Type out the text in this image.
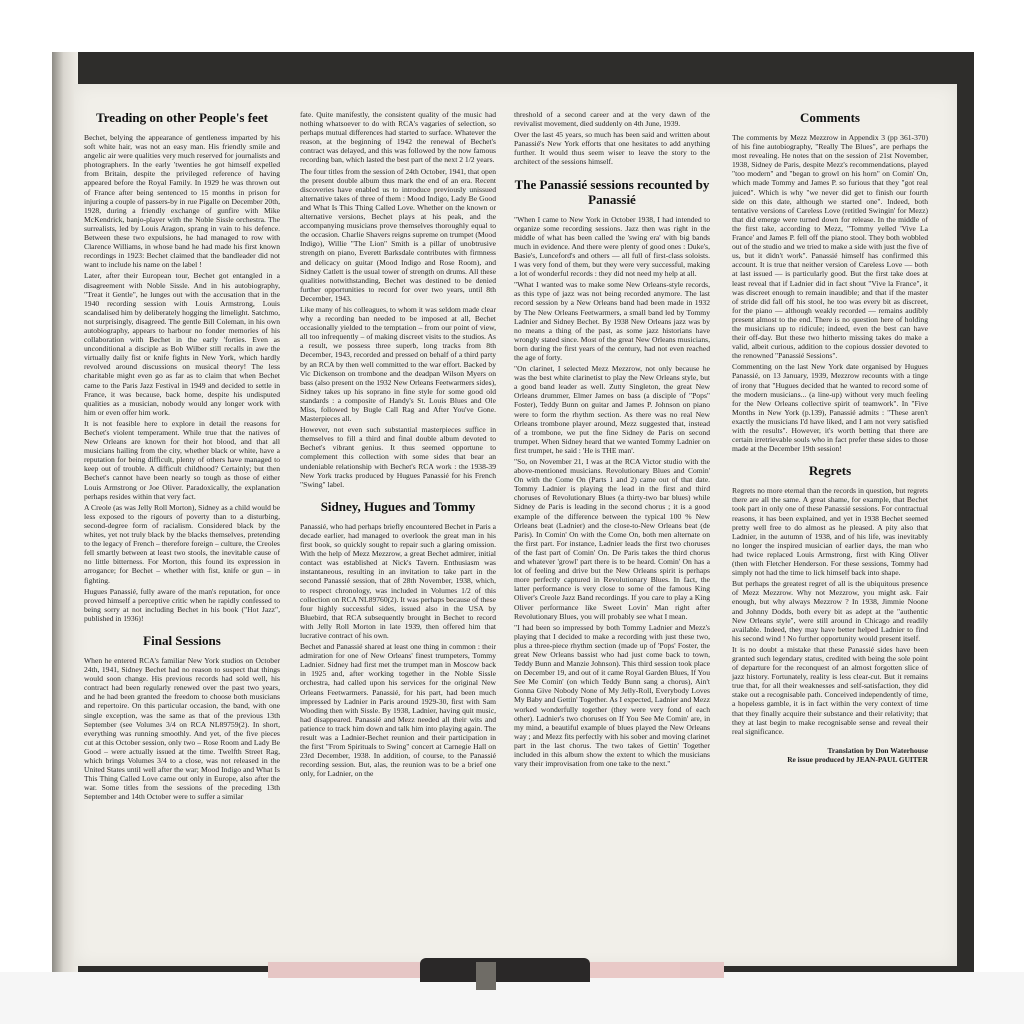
Treading on other People's feet

Bechet, belying the appearance of gentleness imparted by his soft white hair, was not an easy man. His friendly smile and angelic air were qualities very much reserved for journalists and photographers. In the early 'twenties he got himself expelled from Britain, despite the privileged reference of having appeared before the Royal Family. In 1929 he was thrown out of France after being sentenced to 15 months in prison for injuring a couple of passers-by in rue Pigalle on December 20th, 1928, during a friendly exchange of gunfire with Mike McKendrick, banjo-player with the Noble Sissle orchestra. The surrealists, led by Louis Aragon, sprang in vain to his defence. Between these two expulsions, he had managed to row with Clarence Williams, in whose band he had made his first known recordings in 1923: Bechet claimed that the bandleader did not want to include his name on the label !

Later, after their European tour, Bechet got entangled in a disagreement with Noble Sissle. And in his autobiography, "Treat it Gentle", he lunges out with the accusation that in the 1940 recording session with Louis Armstrong, Louis scandalised him by deliberately hogging the limelight. Satchmo, not surprisingly, disagreed. The gentle Bill Coleman, in his own autobiography, appears to harbour no fonder memories of his collaboration with Bechet in the early 'forties. Even as unconditional a disciple as Bob Wilber still recalls in awe the virtually daily fist or knife fights in New York, which hardly revolved around discussions on musical theory! The less charitable might even go as far as to claim that when Bechet came to the Paris Jazz Festival in 1949 and decided to settle in France, it was because, back home, despite his undisputed qualities as a musician, nobody would any longer work with him or even offer him work.

It is not feasible here to explore in detail the reasons for Bechet's violent temperament. While true that the natives of New Orleans are known for their hot blood, and that all musicians hailing from the city, whether black or white, have a reputation for being difficult, plenty of others have managed to keep out of trouble. A difficult childhood? Certainly; but then Bechet's cannot have been nearly so tough as those of either Louis Armstrong or Joe Oliver. Paradoxically, the explanation perhaps resides within that very fact.

A Creole (as was Jelly Roll Morton), Sidney as a child would be less exposed to the rigours of poverty than to a disturbing, second-degree form of racialism. Considered black by the whites, yet not truly black by the blacks themselves, pretending to the legacy of French – therefore foreign – culture, the Creoles fell smartly between at least two stools, the inevitable cause of no little bitterness. For Morton, this found its expression in arrogance; for Bechet – whether with fist, knife or gun – in fighting.

Hugues Panassié, fully aware of the man's reputation, for once proved himself a perceptive critic when he rapidly confessed to being sorry at not including Bechet in his book ("Hot Jazz", published in 1936)!

Final Sessions

When he entered RCA's familiar New York studios on October 24th, 1941, Sidney Bechet had no reason to suspect that things would soon change. His previous records had sold well, his contract had been regularly renewed over the past two years, and he had been granted the freedom to choose both musicians and repertoire. On this particular occasion, the band, with one single exception, was the same as that of the previous 13th September (see Volumes 3/4 on RCA NL89759(2). In short, everything was running smoothly. And yet, of the five pieces cut at this October session, only two – Rose Room and Lady Be Good – were actually issued at the time. Twelfth Street Rag, which brings Volumes 3/4 to a close, was not released in the United States until well after the war; Mood Indigo and What Is This Thing Called Love came out only in Europe, also after the war. Some titles from the sessions of the preceding 13th September and 14th October were to suffer a similar

fate. Quite manifestly, the consistent quality of the music had nothing whatsoever to do with RCA's vagaries of selection, so perhaps mutual differences had started to surface. Whatever the reason, at the beginning of 1942 the renewal of Bechet's contract was delayed, and this was followed by the now famous recording ban, which lasted the best part of the next 2 1/2 years.

The four titles from the session of 24th October, 1941, that open the present double album thus mark the end of an era. Recent discoveries have enabled us to introduce previously unissued alternative takes of three of them : Mood Indigo, Lady Be Good and What Is This Thing Called Love. Whether on the known or alternative versions, Bechet plays at his peak, and the accompanying musicians prove themselves thoroughly equal to the occasion. Charlie Shavers reigns supreme on trumpet (Mood Indigo), Willie "The Lion" Smith is a pillar of unobtrusive strength on piano, Everett Barksdale contributes with firmness and delicacy on guitar (Mood Indigo and Rose Room), and Sidney Catlett is the usual tower of strength on drums. All these qualities notwithstanding, Bechet was destined to be denied further opportunities to record for over two years, until 8th December, 1943.

Like many of his colleagues, to whom it was seldom made clear why a recording ban needed to be imposed at all, Bechet occasionally yielded to the temptation – from our point of view, all too infrequently – of making discreet visits to the studios. As a result, we possess three superb, long tracks from 8th December, 1943, recorded and pressed on behalf of a third party by an RCA by then well committed to the war effort. Backed by Vic Dickenson on trombone and the deadpan Wilson Myers on bass (also present on the 1932 New Orleans Feetwarmers sides), Sidney takes up his soprano in fine style for some good old standards : a composite of Handy's St. Louis Blues and Ole Miss, followed by Bugle Call Rag and After You've Gone. Masterpieces all.

However, not even such substantial masterpieces suffice in themselves to fill a third and final double album devoted to Bechet's vibrant genius. It thus seemed opportune to complement this collection with some sides that bear an undeniable relationship with Bechet's RCA work : the 1938-39 New York tracks produced by Hugues Panassié for his French "Swing" label.

Sidney, Hugues and Tommy

Panassié, who had perhaps briefly encountered Bechet in Paris a decade earlier, had managed to overlook the great man in his first book, so quickly sought to repair such a glaring omission. With the help of Mezz Mezzrow, a great Bechet admirer, initial contact was established at Nick's Tavern. Enthusiasm was instantaneous, resulting in an invitation to take part in the second Panassié session, that of 28th November, 1938, which, to respect chronology, was included in Volumes 1/2 of this collection on RCA NL89760(2). It was perhaps because of these four highly successful sides, issued also in the USA by Bluebird, that RCA subsequently brought in Bechet to record with Jelly Roll Morton in late 1939, then offered him that lucrative contract of his own.

Bechet and Panassié shared at least one thing in common : their admiration for one of New Orleans' finest trumpeters, Tommy Ladnier. Sidney had first met the trumpet man in Moscow back in 1925 and, after working together in the Noble Sissle orchestra, had called upon his services for the original New Orleans Feetwarmers. Panassié, for his part, had been much impressed by Ladnier in Paris around 1929-30, first with Sam Wooding then with Sissle. By 1938, Ladnier, having quit music, had disappeared. Panassié and Mezz needed all their wits and patience to track him down and talk him into playing again. The result was a Ladnier-Bechet reunion and their participation in the first "From Spirituals to Swing" concert at Carnegie Hall on 23rd December, 1938. In addition, of course, to the Panassié recording session. But, alas, the reunion was to be a brief one only, for Ladnier, on the

threshold of a second career and at the very dawn of the revivalist movement, died suddenly on 4th June, 1939.

Over the last 45 years, so much has been said and written about Panassié's New York efforts that one hesitates to add anything further. It would thus seem wiser to leave the story to the architect of the sessions himself.

The Panassié sessions recounted by Panassié

"When I came to New York in October 1938, I had intended to organize some recording sessions. Jazz then was right in the middle of what has been called the 'swing era' with big bands much in evidence. And there were plenty of good ones : Duke's, Basie's, Lunceford's and others — all full of first-class soloists. I was very fond of them, but they were very successful, making a lot of wonderful records : they did not need my help at all.

"What I wanted was to make some New Orleans-style records, as this type of jazz was not being recorded anymore. The last record session by a New Orleans band had been made in 1932 by The New Orleans Feetwarmers, a small band led by Tommy Ladnier and Sidney Bechet. By 1938 New Orleans jazz was by no means a thing of the past, as some jazz historians have wrongly stated since. Most of the great New Orleans musicians, born during the first years of the century, had not even reached the age of forty.

"On clarinet, I selected Mezz Mezzrow, not only because he was the best white clarinetist to play the New Orleans style, but a good band leader as well. Zutty Singleton, the great New Orleans drummer, Elmer James on bass (a disciple of "Pops" Foster), Teddy Bunn on guitar and James P. Johnson on piano were to form the rhythm section. As there was no real New Orleans trombone player around, Mezz suggested that, instead of a trombone, we put the fine Sidney de Paris on second trumpet. When Sidney heard that we wanted Tommy Ladnier on first trumpet, he said : 'He is THE man'.

"So, on November 21, I was at the RCA Victor studio with the above-mentioned musicians. Revolutionary Blues and Comin' On with the Come On (Parts 1 and 2) came out of that date. Tommy Ladnier is playing the lead in the first and third choruses of Revolutionary Blues (a thirty-two bar blues) while Sidney de Paris is leading in the second chorus ; it is a good example of the difference between the typical 100 % New Orleans beat (Ladnier) and the close-to-New Orleans beat (de Paris). In Comin' On with the Come On, both men alternate on the first part. For instance, Ladnier leads the first two choruses of the fast part of Comin' On. De Paris takes the third chorus and whatever 'growl' part there is to be heard. Comin' On has a lot of feeling and drive but the New Orleans spirit is perhaps more perfectly captured in Revolutionary Blues. In fact, the latter performance is very close to some of the famous King Oliver's Creole Jazz Band recordings. If you care to play a King Oliver performance like Sweet Lovin' Man right after Revolutionary Blues, you will probably see what I mean.

"I had been so impressed by both Tommy Ladnier and Mezz's playing that I decided to make a recording with just these two, plus a three-piece rhythm section (made up of 'Pops' Foster, the great New Orleans bassist who had just come back to town, Teddy Bunn and Manzie Johnson). This third session took place on December 19, and out of it came Royal Garden Blues, If You See Me Comin' (on which Teddy Bunn sang a chorus), Ain't Gonna Give Nobody None of My Jelly-Roll, Everybody Loves My Baby and Gettin' Together. As I expected, Ladnier and Mezz worked wonderfully together (they were very fond of each other). Ladnier's two choruses on If You See Me Comin' are, in my mind, a beautiful example of blues played the New Orleans way ; and Mezz fits perfectly with his sober and moving clarinet part in the last chorus. The two takes of Gettin' Together included in this album show the extent to which the musicians vary their improvisation from one take to the next."

Comments

The comments by Mezz Mezzrow in Appendix 3 (pp 361-370) of his fine autobiography, "Really The Blues", are perhaps the most revealing. He notes that on the session of 21st November, 1938, Sidney de Paris, despite Mezz's recommendations, played "too modern" and "began to growl on his horn" on Comin' On, which made Tommy and James P. so furious that they "got real juiced". Which is why "we never did get to finish our fourth side on this date, although we started one". Indeed, both tentative versions of Careless Love (retitled Swingin' for Mezz) that did emerge were turned down for release. In the middle of the first take, according to Mezz, "Tommy yelled 'Vive La France' and James P. fell off the piano stool. They both wobbled out of the studio and we tried to make a side with just the five of us, but it didn't work". Panassié himself has confirmed this account. It is true that neither version of Careless Love — both at last issued — is particularly good. But the first take does at least reveal that if Ladnier did in fact shout "Vive la France", it was discreet enough to remain inaudible; and that if the master of stride did fall off his stool, he too was every bit as discreet, for the piano — although weakly recorded — remains audibly present almost to the end. There is no question here of holding the musicians up to ridicule; indeed, even the best can have their off-day. But these two hitherto missing takes do make a valid, albeit curious, addition to the copious dossier devoted to the renowned "Panassié Sessions".

Commenting on the last New York date organised by Hugues Panassié, on 13 January, 1939, Mezzrow recounts with a tinge of irony that "Hugues decided that he wanted to record some of the modern musicians... (a line-up) without very much feeling for the New Orleans collective spirit of teamwork". In "Five Months in New York (p.139), Panassié admits : "These aren't exactly the musicians I'd have liked, and I am not very satisfied with the results". However, it's worth betting that there are certain irretrievable souls who in fact prefer these sides to those made at the December 19th session!

Regrets

Regrets no more eternal than the records in question, but regrets there are all the same. A great shame, for example, that Bechet took part in only one of these Panassié sessions. For contractual reasons, it has been explained, and yet in 1938 Bechet seemed pretty well free to do almost as he pleased. A pity also that Ladnier, in the autumn of 1938, and of his life, was inevitably no longer the inspired musician of earlier days, the man who had twice replaced Louis Armstrong, first with King Oliver (then with Fletcher Henderson. For these sessions, Tommy had simply not had the time to lick himself back into shape.

But perhaps the greatest regret of all is the ubiquitous presence of Mezz Mezzrow. Why not Mezzrow, you might ask. Fair enough, but why always Mezzrow ? In 1938, Jimmie Noone and Johnny Dodds, both every bit as adept at the "authentic New Orleans style", were still around in Chicago and readily available. Indeed, they may have better helped Ladnier to find his second wind ! No further opportunity would present itself.

It is no doubt a mistake that these Panassié sides have been granted such legendary status, credited with being the sole point of departure for the reconquest of an almost forgotten slice of jazz history. Fortunately, reality is less clear-cut. But it remains true that, for all their weaknesses and self-satisfaction, they did stake out a recognisable path. Conceived independently of time, a hopeless gamble, it is in fact within the very context of time that they finally acquire their substance and their relativity; that they at last begin to make recognisable sense and reveal their real significance.

Translation by Don Waterhouse
Re issue produced by JEAN-PAUL GUITER
